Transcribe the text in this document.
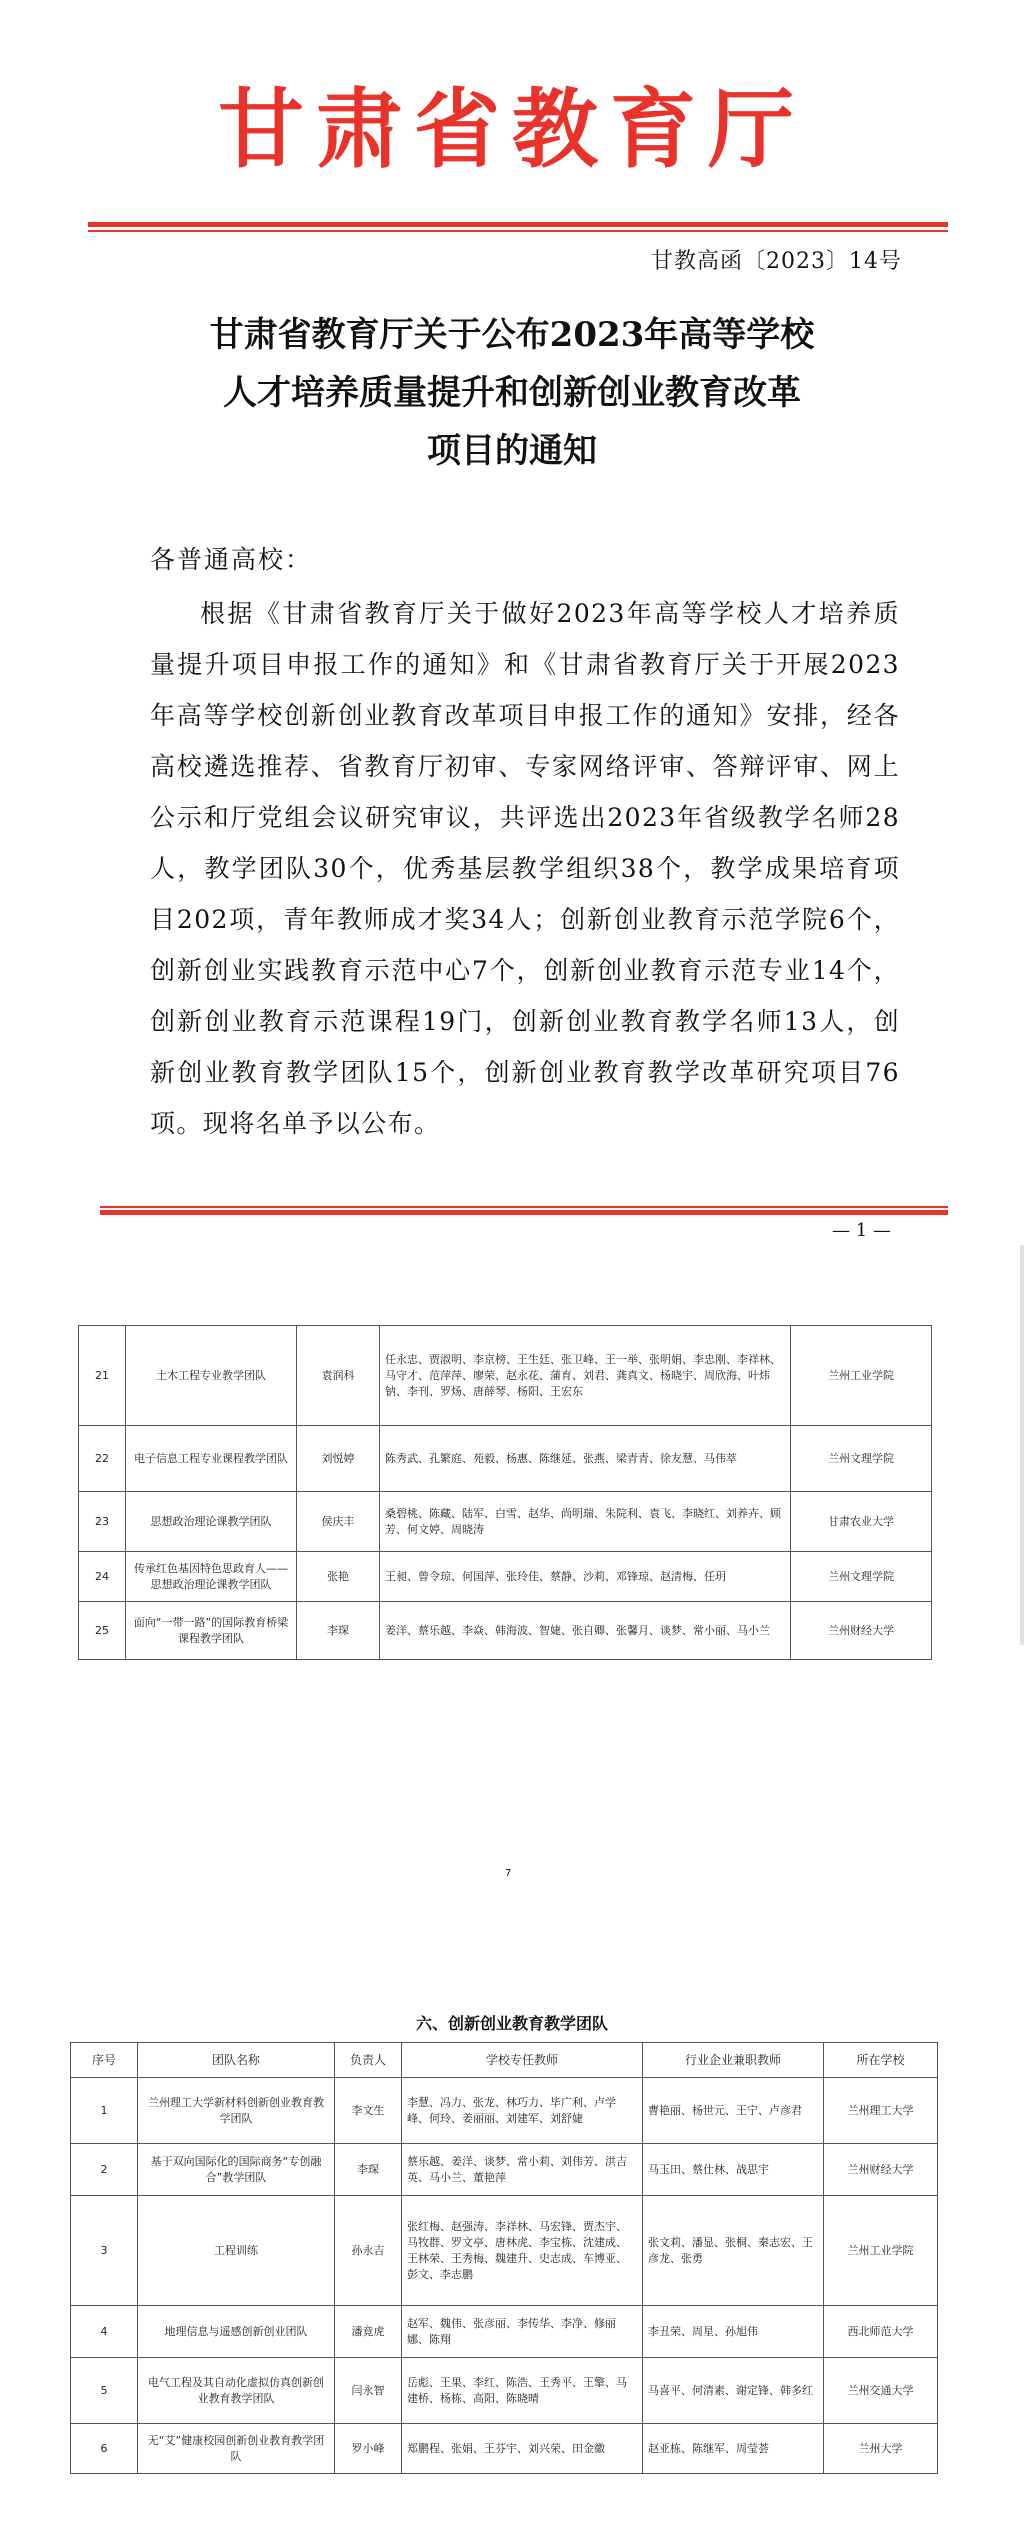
甘肃省教育厅
甘教高函〔2023〕14号
甘肃省教育厅关于公布2023年高等学校
人才培养质量提升和创新创业教育改革
项目的通知
各普通高校：
根据《甘肃省教育厅关于做好2023年高等学校人才培养质量提升项目申报工作的通知》和《甘肃省教育厅关于开展2023年高等学校创新创业教育改革项目申报工作的通知》安排，经各高校遴选推荐、省教育厅初审、专家网络评审、答辩评审、网上公示和厅党组会议研究审议，共评选出2023年省级教学名师28人，教学团队30个，优秀基层教学组织38个，教学成果培育项目202项，青年教师成才奖34人；创新创业教育示范学院6个，创新创业实践教育示范中心7个，创新创业教育示范专业14个，创新创业教育示范课程19门，创新创业教育教学名师13人，创新创业教育教学团队15个，创新创业教育教学改革研究项目76项。现将名单予以公布。
— 1 —
21	土木工程专业教学团队	袁润科	任永忠、贾淑明、李京榜、王生廷、张卫峰、王一举、张明娟、李忠刚、李祥林、马守才、范萍萍、廖荣、赵永花、蒲育、刘君、龚真文、杨晓宇、周欣海、叶炜钠、李刊、罗炀、唐薛琴、杨阳、王宏东	兰州工业学院
22	电子信息工程专业课程教学团队	刘悦婷	陈秀武、孔繁庭、苑毅、杨惠、陈继延、张燕、梁青青、徐友慧、马伟萃	兰州文理学院
23	思想政治理论课教学团队	侯庆丰	桑碧桃、陈藏、陆军、白雪、赵华、尚明瑞、朱院利、袁飞、李晓红、刘养卉、顾芳、何文婷、周晓涛	甘肃农业大学
24	传承红色基因特色思政育人——思想政治理论课教学团队	张艳	王昶、曾令琼、何国萍、张玲佳、蔡静、沙莉、邓锋琼、赵清梅、任玥	兰州文理学院
25	面向“一带一路”的国际教育桥梁课程教学团队	李琛	姜洋、蔡乐越、李焱、韩海波、智婕、张自卿、张馨月、谈梦、常小丽、马小兰	兰州财经大学
7
六、创新创业教育教学团队
序号	团队名称	负责人	学校专任教师	行业企业兼职教师	所在学校
1	兰州理工大学新材料创新创业教育教学团队	李文生	李慧、冯力、张龙、林巧力、毕广利、卢学峰、何玲、姜丽丽、刘建军、刘舒婕	曹艳丽、杨世元、王宁、卢彦君	兰州理工大学
2	基于双向国际化的国际商务“专创融合”教学团队	李琛	蔡乐越、姜洋、谈梦、常小莉、刘伟芳、洪吉英、马小兰、董艳萍	马玉田、蔡仕林、战思宇	兰州财经大学
3	工程训练	孙永吉	张红梅、赵强涛、李祥林、马宏锋、贾杰宇、马牧群、罗文亭、唐林虎、李宝栋、沈建成、王林荣、王秀梅、魏建升、史志成、车博亚、彭文、李志鹏	张文莉、潘显、张桐、秦志宏、王彦龙、张勇	兰州工业学院
4	地理信息与遥感创新创业团队	潘竟虎	赵军、魏伟、张彦丽、李传华、李净、修丽娜、陈翔	李丑荣、周星、孙旭伟	西北师范大学
5	电气工程及其自动化虚拟仿真创新创业教育教学团队	闫永智	岳彪、王果、李红、陈浩、王秀平、王擎、马建桥、杨栋、高阳、陈晓晴	马喜平、何清素、谢定锋、韩多红	兰州交通大学
6	无“艾”健康校园创新创业教育教学团队	罗小峰	郑鹏程、张娟、王芬宇、刘兴荣、田金徽	赵亚栋、陈继军、周莹荟	兰州大学
